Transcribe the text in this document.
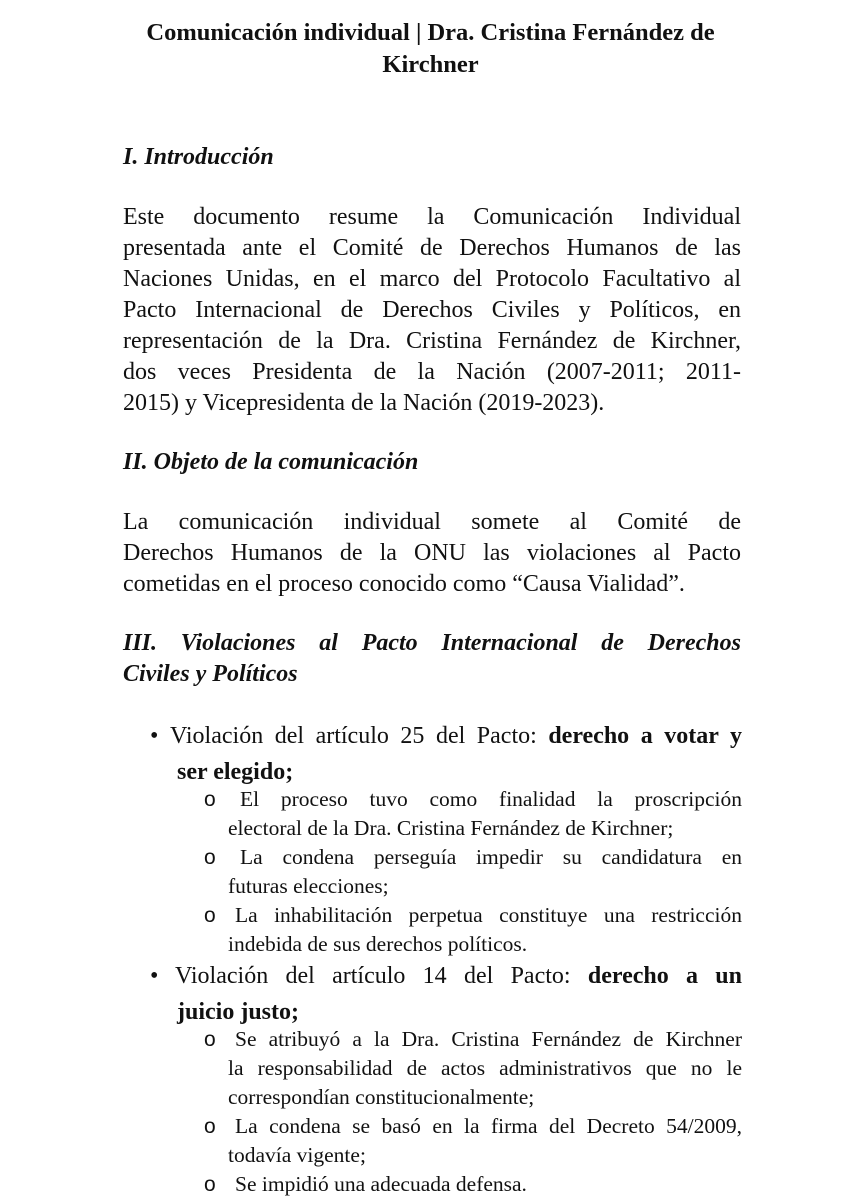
Comunicación individual | Dra. Cristina Fernández de
Kirchner
I. Introducción
Este documento resume la Comunicación Individual
presentada ante el Comité de Derechos Humanos de las
Naciones Unidas, en el marco del Protocolo Facultativo al
Pacto Internacional de Derechos Civiles y Políticos, en
representación de la Dra. Cristina Fernández de Kirchner,
dos veces Presidenta de la Nación (2007-2011; 2011-
2015) y Vicepresidenta de la Nación (2019-2023).
II. Objeto de la comunicación
La comunicación individual somete al Comité de
Derechos Humanos de la ONU las violaciones al Pacto
cometidas en el proceso conocido como “Causa Vialidad”.
III. Violaciones al Pacto Internacional de Derechos
Civiles y Políticos
• Violación del artículo 25 del Pacto: derecho a votar y
ser elegido;
o El proceso tuvo como finalidad la proscripción
electoral de la Dra. Cristina Fernández de Kirchner;
o La condena perseguía impedir su candidatura en
futuras elecciones;
o La inhabilitación perpetua constituye una restricción
indebida de sus derechos políticos.
• Violación del artículo 14 del Pacto: derecho a un
juicio justo;
o Se atribuyó a la Dra. Cristina Fernández de Kirchner
la responsabilidad de actos administrativos que no le
correspondían constitucionalmente;
o La condena se basó en la firma del Decreto 54/2009,
todavía vigente;
o Se impidió una adecuada defensa.
